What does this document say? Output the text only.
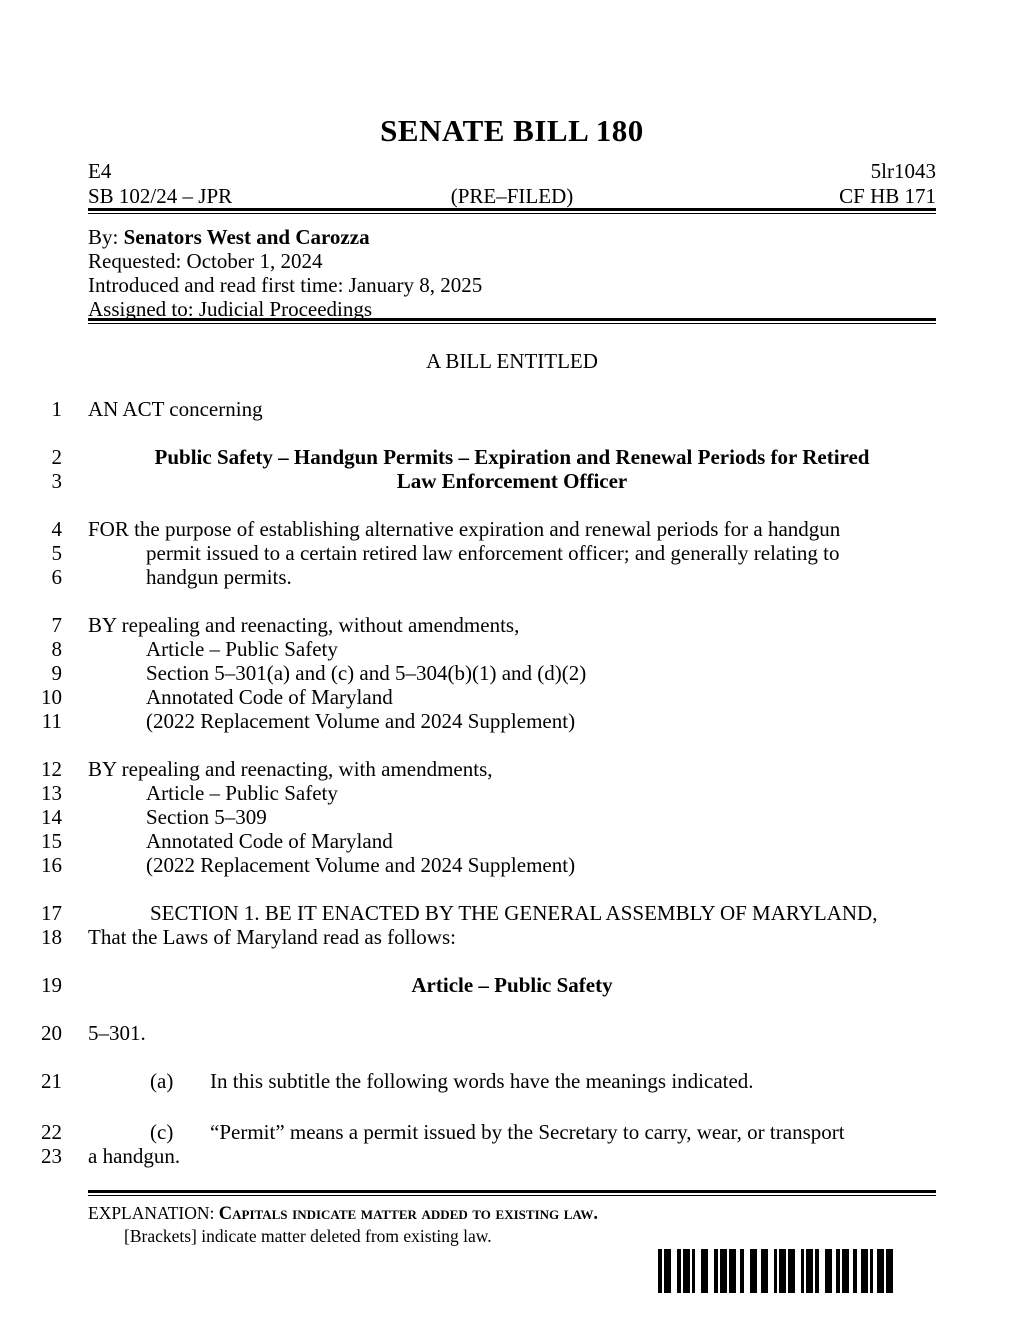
SENATE BILL 180
E4	5lr1043
SB 102/24 – JPR	(PRE–FILED)	CF HB 171
By: Senators West and Carozza
Requested: October 1, 2024
Introduced and read first time: January 8, 2025
Assigned to: Judicial Proceedings
A BILL ENTITLED
1 AN ACT concerning
2	Public Safety – Handgun Permits – Expiration and Renewal Periods for Retired
3	Law Enforcement Officer
4 FOR the purpose of establishing alternative expiration and renewal periods for a handgun
5	permit issued to a certain retired law enforcement officer; and generally relating to
6	handgun permits.
7 BY repealing and reenacting, without amendments,
8	Article – Public Safety
9	Section 5–301(a) and (c) and 5–304(b)(1) and (d)(2)
10	Annotated Code of Maryland
11	(2022 Replacement Volume and 2024 Supplement)
12 BY repealing and reenacting, with amendments,
13	Article – Public Safety
14	Section 5–309
15	Annotated Code of Maryland
16	(2022 Replacement Volume and 2024 Supplement)
17	SECTION 1. BE IT ENACTED BY THE GENERAL ASSEMBLY OF MARYLAND,
18 That the Laws of Maryland read as follows:
19	Article – Public Safety
20 5–301.
21	(a) In this subtitle the following words have the meanings indicated.
22	(c) “Permit” means a permit issued by the Secretary to carry, wear, or transport
23 a handgun.
EXPLANATION: Capitals indicate matter added to existing law.
[Brackets] indicate matter deleted from existing law.
